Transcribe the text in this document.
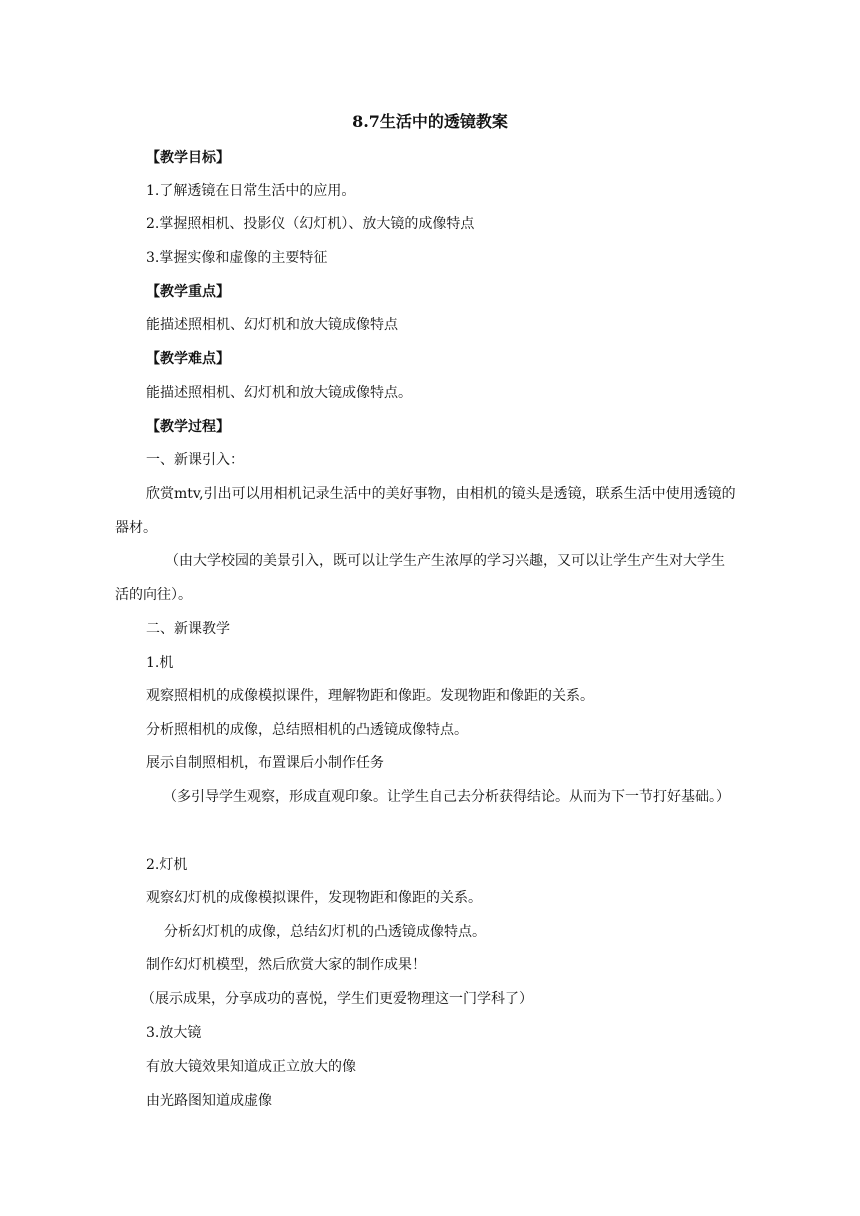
8.7生活中的透镜教案
【教学目标】
1.了解透镜在日常生活中的应用。
2.掌握照相机、投影仪（幻灯机）、放大镜的成像特点
3.掌握实像和虚像的主要特征
【教学重点】
能描述照相机、幻灯机和放大镜成像特点
【教学难点】
能描述照相机、幻灯机和放大镜成像特点。
【教学过程】
一、新课引入：
欣赏mtv,引出可以用相机记录生活中的美好事物，由相机的镜头是透镜，联系生活中使用透镜的器材。
（由大学校园的美景引入，既可以让学生产生浓厚的学习兴趣，又可以让学生产生对大学生活的向往）。
二、新课教学
1.机
观察照相机的成像模拟课件，理解物距和像距。发现物距和像距的关系。
分析照相机的成像，总结照相机的凸透镜成像特点。
展示自制照相机，布置课后小制作任务
（多引导学生观察，形成直观印象。让学生自己去分析获得结论。从而为下一节打好基础。）
2.灯机
观察幻灯机的成像模拟课件，发现物距和像距的关系。
分析幻灯机的成像，总结幻灯机的凸透镜成像特点。
制作幻灯机模型，然后欣赏大家的制作成果！
（展示成果，分享成功的喜悦，学生们更爱物理这一门学科了）
3.放大镜
有放大镜效果知道成正立放大的像
由光路图知道成虚像
